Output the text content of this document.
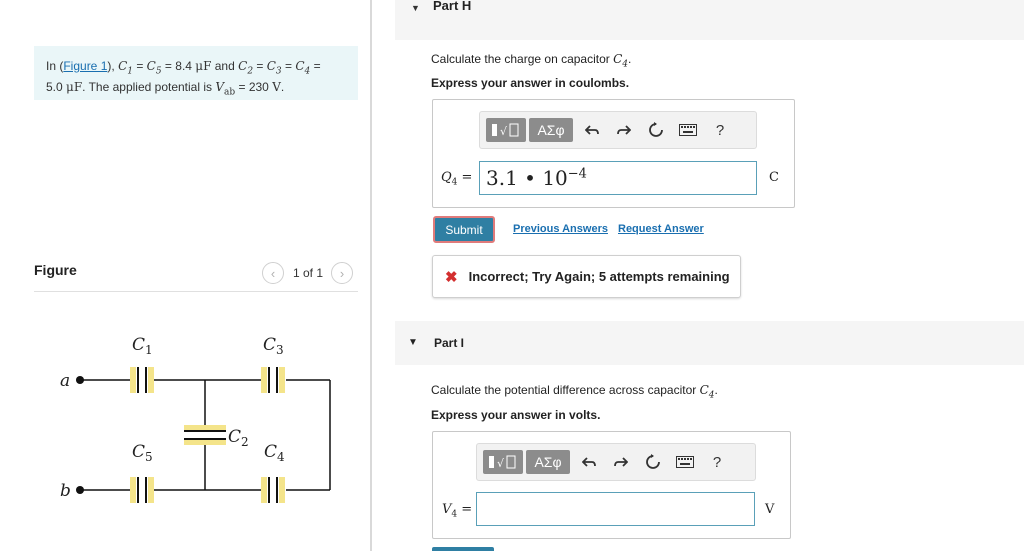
In (Figure 1), $C_1 = C_5 = 8.4$ μF and $C_2 = C_3 = C_4$ =
5.0 μF. The applied potential is $V_{ab} = 230$ V.
Figure	‹	1 of 1	›
a
b
$C_1$	$C_3$
$C_5$	$C_4$
$C_2$
▼ Part H
Calculate the charge on capacitor $C_4$.
Express your answer in coulombs.
√	ΑΣφ	?
$Q_4 = 3.1$ • $10^{-4}$	C
Submit	Previous Answers Request Answer
✖ Incorrect; Try Again; 5 attempts remaining
▼ Part I
Calculate the potential difference across capacitor $C_4$.
Express your answer in volts.
√	ΑΣφ	?
$V_4$ =	V
